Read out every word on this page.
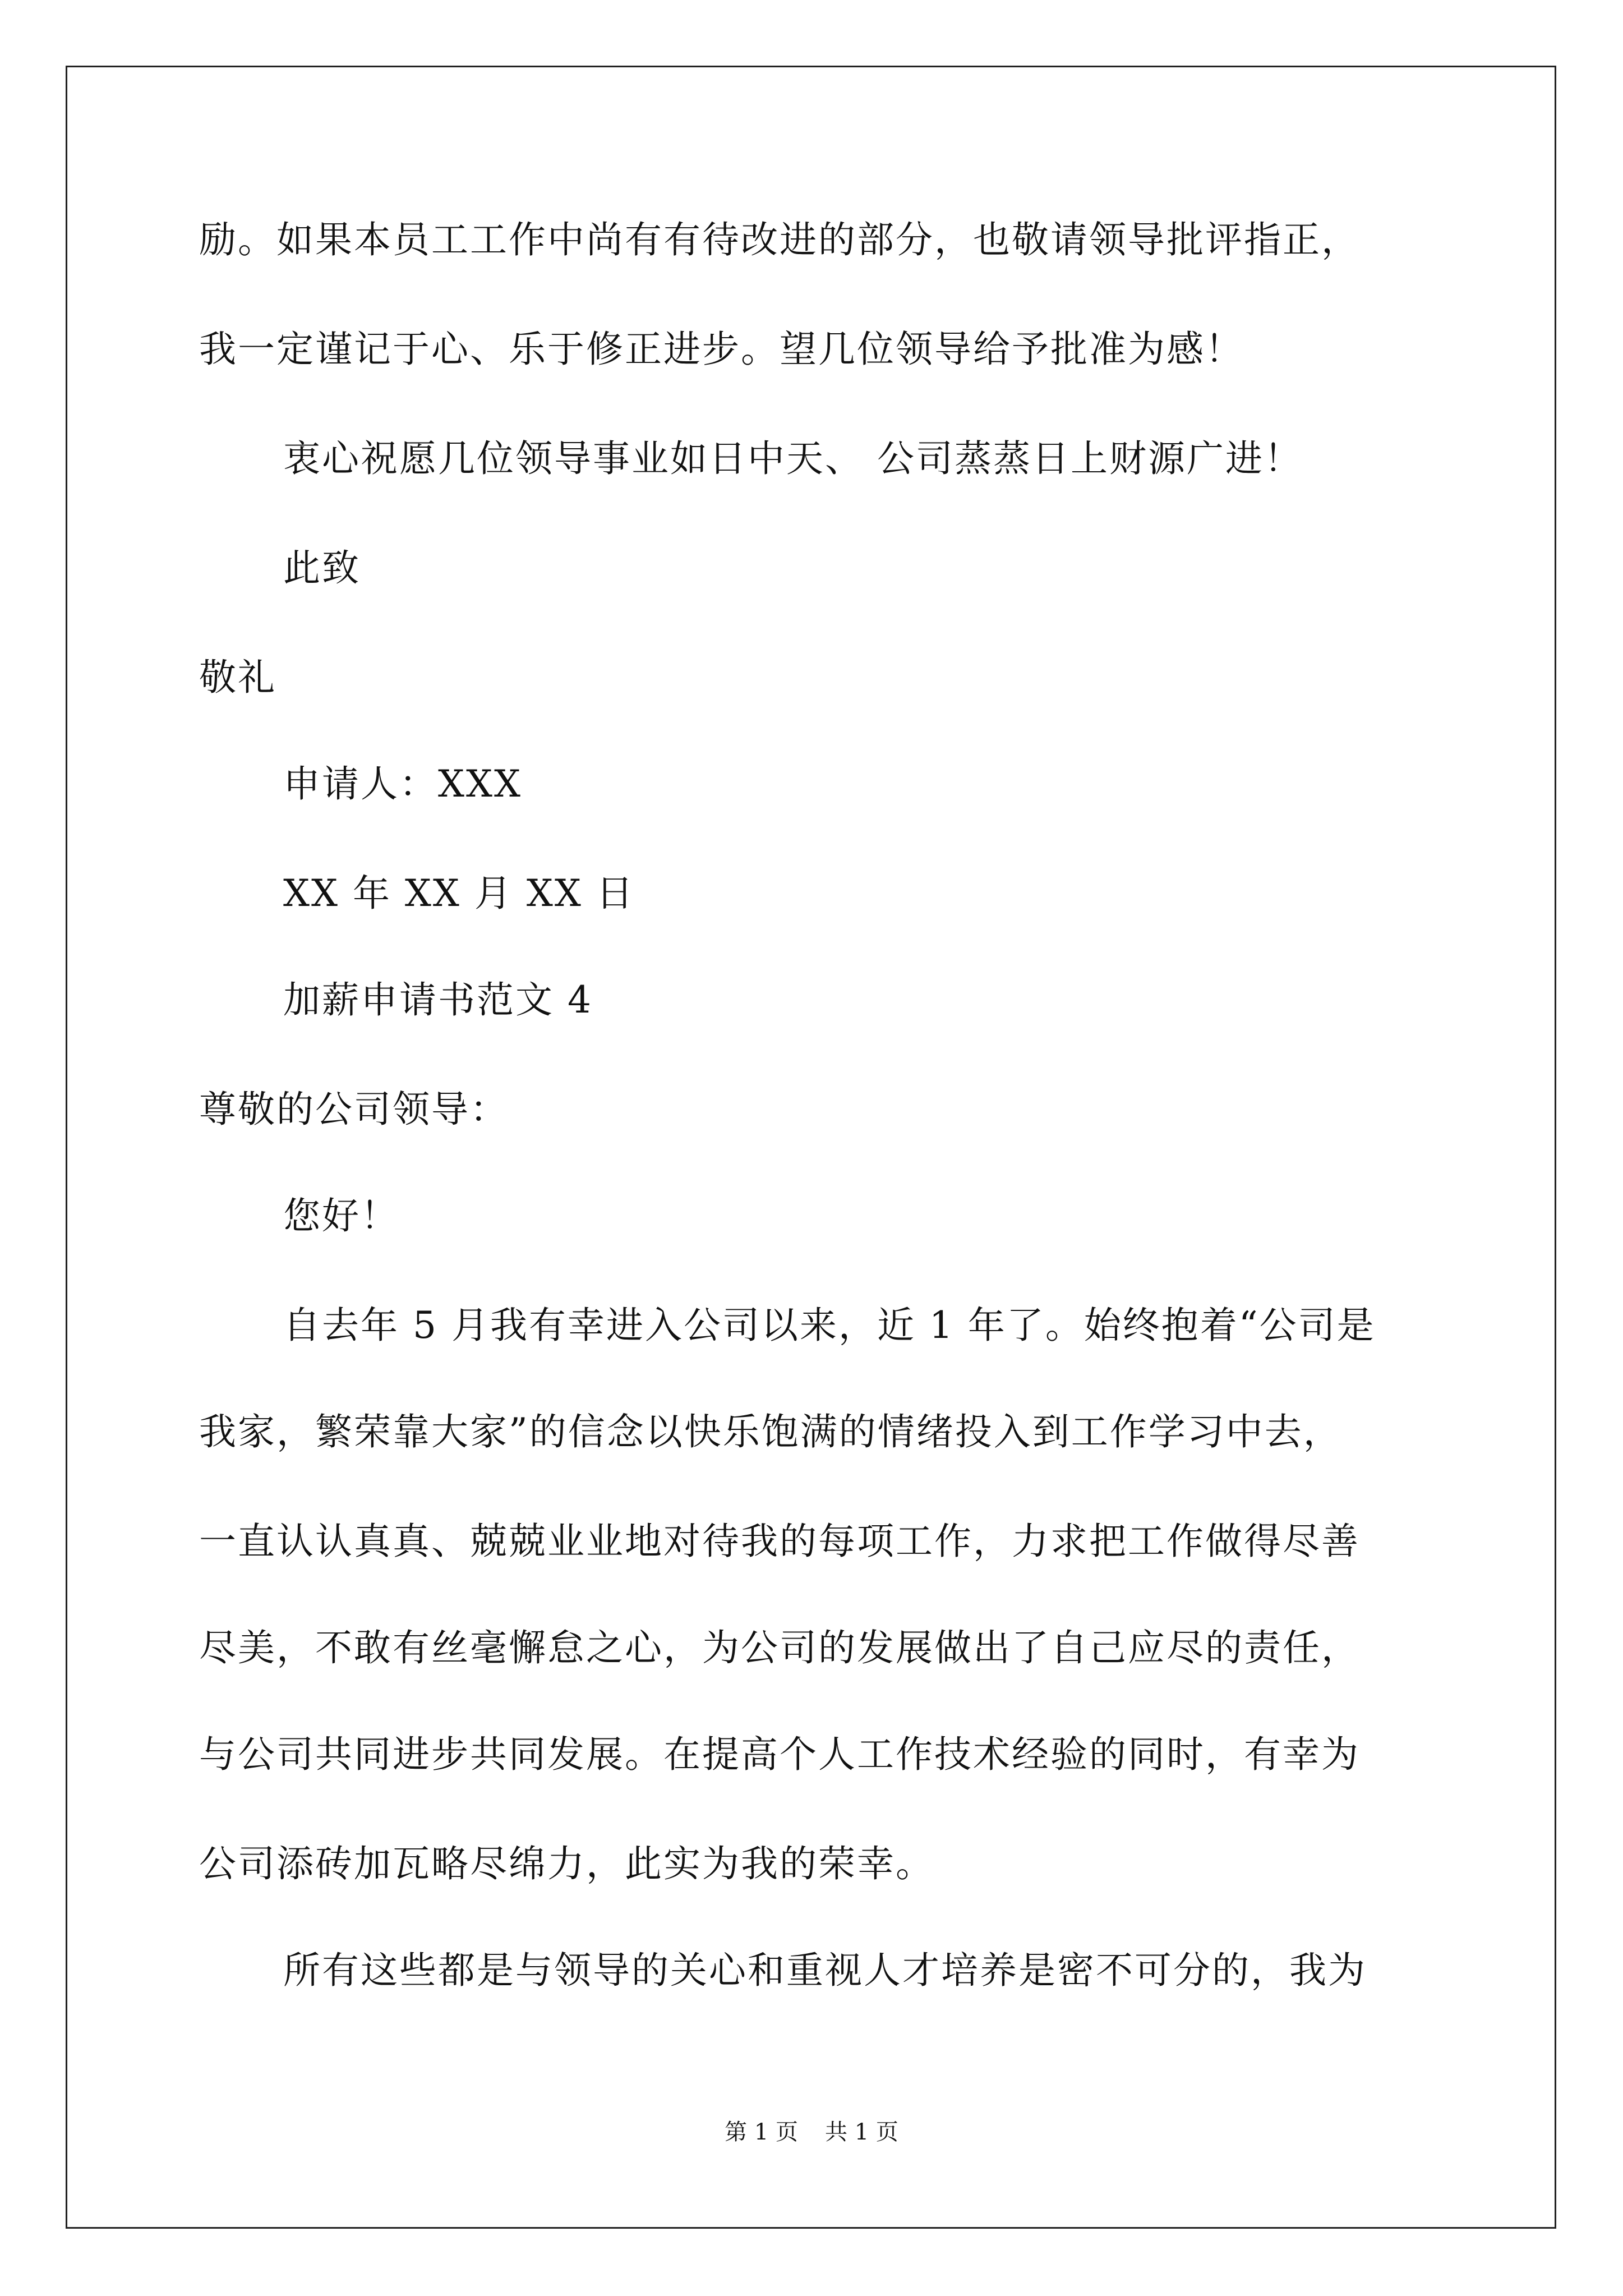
励。如果本员工工作中尚有有待改进的部分，也敬请领导批评指正，
我一定谨记于心、乐于修正进步。望几位领导给予批准为感！
衷心祝愿几位领导事业如日中天、 公司蒸蒸日上财源广进！
此致
敬礼
申请人：XXX
XX 年 XX 月 XX 日
加薪申请书范文 4
尊敬的公司领导：
您好！
自去年 5 月我有幸进入公司以来，近 1 年了。始终抱着“公司是
我家，繁荣靠大家”的信念以快乐饱满的情绪投入到工作学习中去，
一直认认真真、兢兢业业地对待我的每项工作，力求把工作做得尽善
尽美，不敢有丝毫懈怠之心，为公司的发展做出了自己应尽的责任，
与公司共同进步共同发展。在提高个人工作技术经验的同时，有幸为
公司添砖加瓦略尽绵力，此实为我的荣幸。
所有这些都是与领导的关心和重视人才培养是密不可分的，我为
第 1 页 共 1 页
